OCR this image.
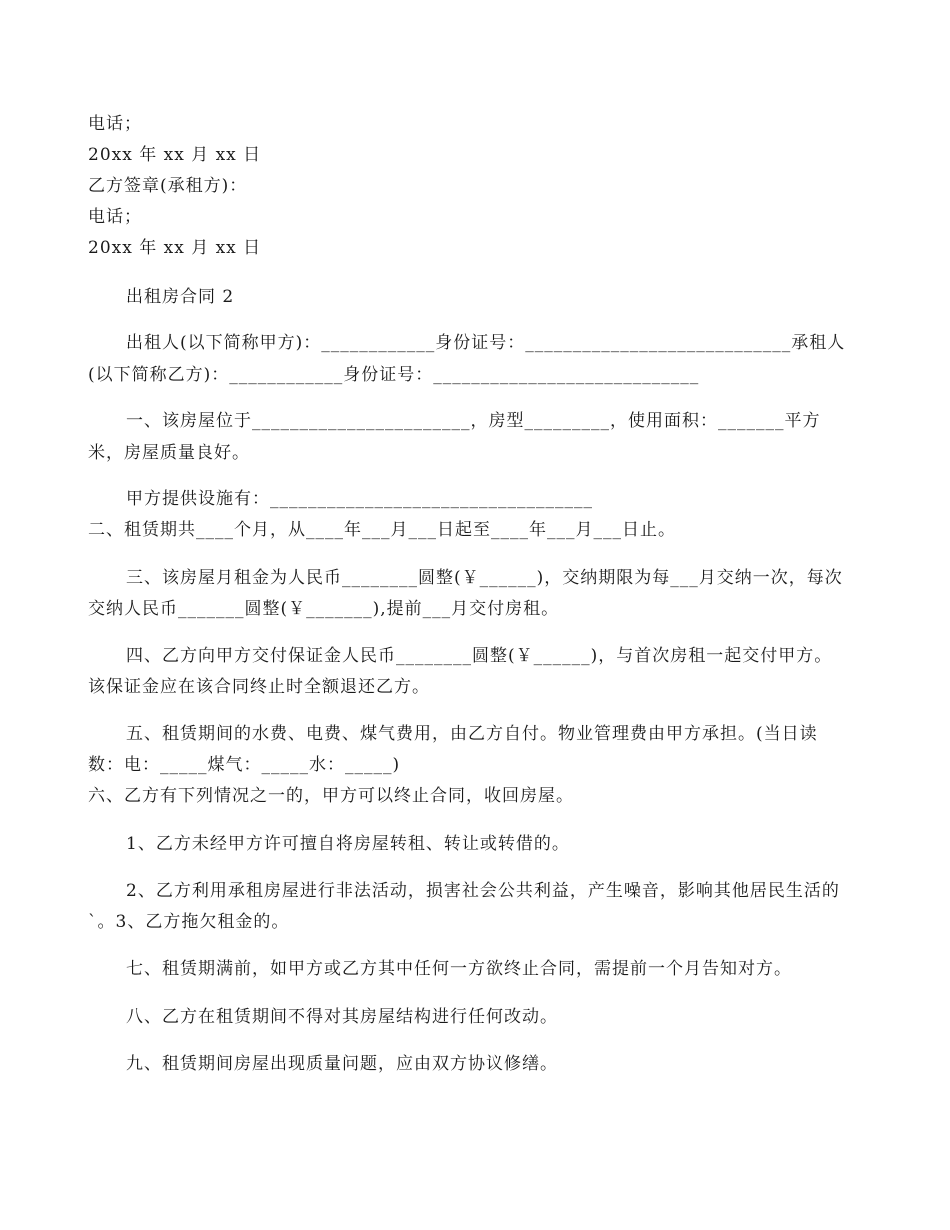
电话；
20xx 年 xx 月 xx 日
乙方签章(承租方)：
电话；
20xx 年 xx 月 xx 日
出租房合同 2
出租人(以下简称甲方)：____________身份证号：____________________________承租人
(以下简称乙方)：____________身份证号：____________________________
一、该房屋位于_______________________，房型_________，使用面积：_______平方
米，房屋质量良好。
甲方提供设施有：__________________________________
二、租赁期共____个月，从____年___月___日起至____年___月___日止。
三、该房屋月租金为人民币________圆整(￥______)，交纳期限为每___月交纳一次，每次
交纳人民币_______圆整(￥_______),提前___月交付房租。
四、乙方向甲方交付保证金人民币________圆整(￥______)，与首次房租一起交付甲方。
该保证金应在该合同终止时全额退还乙方。
五、租赁期间的水费、电费、煤气费用，由乙方自付。物业管理费由甲方承担。(当日读
数：电：_____煤气：_____水：_____)
六、乙方有下列情况之一的，甲方可以终止合同，收回房屋。
1、乙方未经甲方许可擅自将房屋转租、转让或转借的。
2、乙方利用承租房屋进行非法活动，损害社会公共利益，产生噪音，影响其他居民生活的
`。3、乙方拖欠租金的。
七、租赁期满前，如甲方或乙方其中任何一方欲终止合同，需提前一个月告知对方。
八、乙方在租赁期间不得对其房屋结构进行任何改动。
九、租赁期间房屋出现质量问题，应由双方协议修缮。
